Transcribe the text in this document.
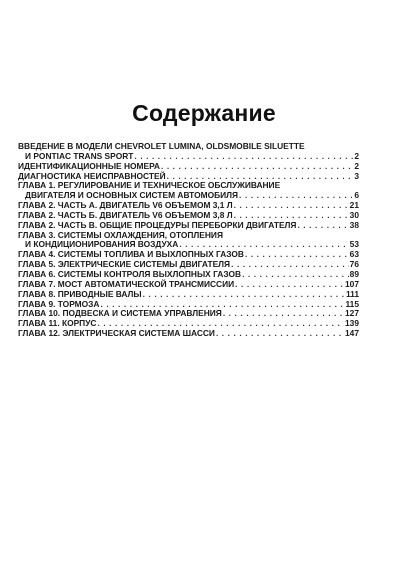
Содержание
ВВЕДЕНИЕ В МОДЕЛИ CHEVROLET LUMINA, OLDSMOBILE SILUETTE
И PONTIAC TRANS SPORT . . .	2
ИДЕНТИФИКАЦИОННЫЕ НОМЕРА . . .	2
ДИАГНОСТИКА НЕИСПРАВНОСТЕЙ . . .	3
ГЛАВА 1. РЕГУЛИРОВАНИЕ И ТЕХНИЧЕСКОЕ ОБСЛУЖИВАНИЕ
ДВИГАТЕЛЯ И ОСНОВНЫХ СИСТЕМ АВТОМОБИЛЯ . . .	6
ГЛАВА 2. ЧАСТЬ А. ДВИГАТЕЛЬ V6 ОБЪЕМОМ 3,1 Л . . .	21
ГЛАВА 2. ЧАСТЬ Б. ДВИГАТЕЛЬ V6 ОБЪЕМОМ 3,8 Л . . .	30
ГЛАВА 2. ЧАСТЬ В. ОБЩИЕ ПРОЦЕДУРЫ ПЕРЕБОРКИ ДВИГАТЕЛЯ . . .	38
ГЛАВА 3. СИСТЕМЫ ОХЛАЖДЕНИЯ, ОТОПЛЕНИЯ
И КОНДИЦИОНИРОВАНИЯ ВОЗДУХА . . .	53
ГЛАВА 4. СИСТЕМЫ ТОПЛИВА И ВЫХЛОПНЫХ ГАЗОВ . . .	63
ГЛАВА 5. ЭЛЕКТРИЧЕСКИЕ СИСТЕМЫ ДВИГАТЕЛЯ . . .	76
ГЛАВА 6. СИСТЕМЫ КОНТРОЛЯ ВЫХЛОПНЫХ ГАЗОВ . . .	89
ГЛАВА 7. МОСТ АВТОМАТИЧЕСКОЙ ТРАНСМИССИИ . . .	107
ГЛАВА 8. ПРИВОДНЫЕ ВАЛЫ . . .	111
ГЛАВА 9. ТОРМОЗА . . .	115
ГЛАВА 10. ПОДВЕСКА И СИСТЕМА УПРАВЛЕНИЯ . . .	127
ГЛАВА 11. КОРПУС . . .	139
ГЛАВА 12. ЭЛЕКТРИЧЕСКАЯ СИСТЕМА ШАССИ . . .	147
